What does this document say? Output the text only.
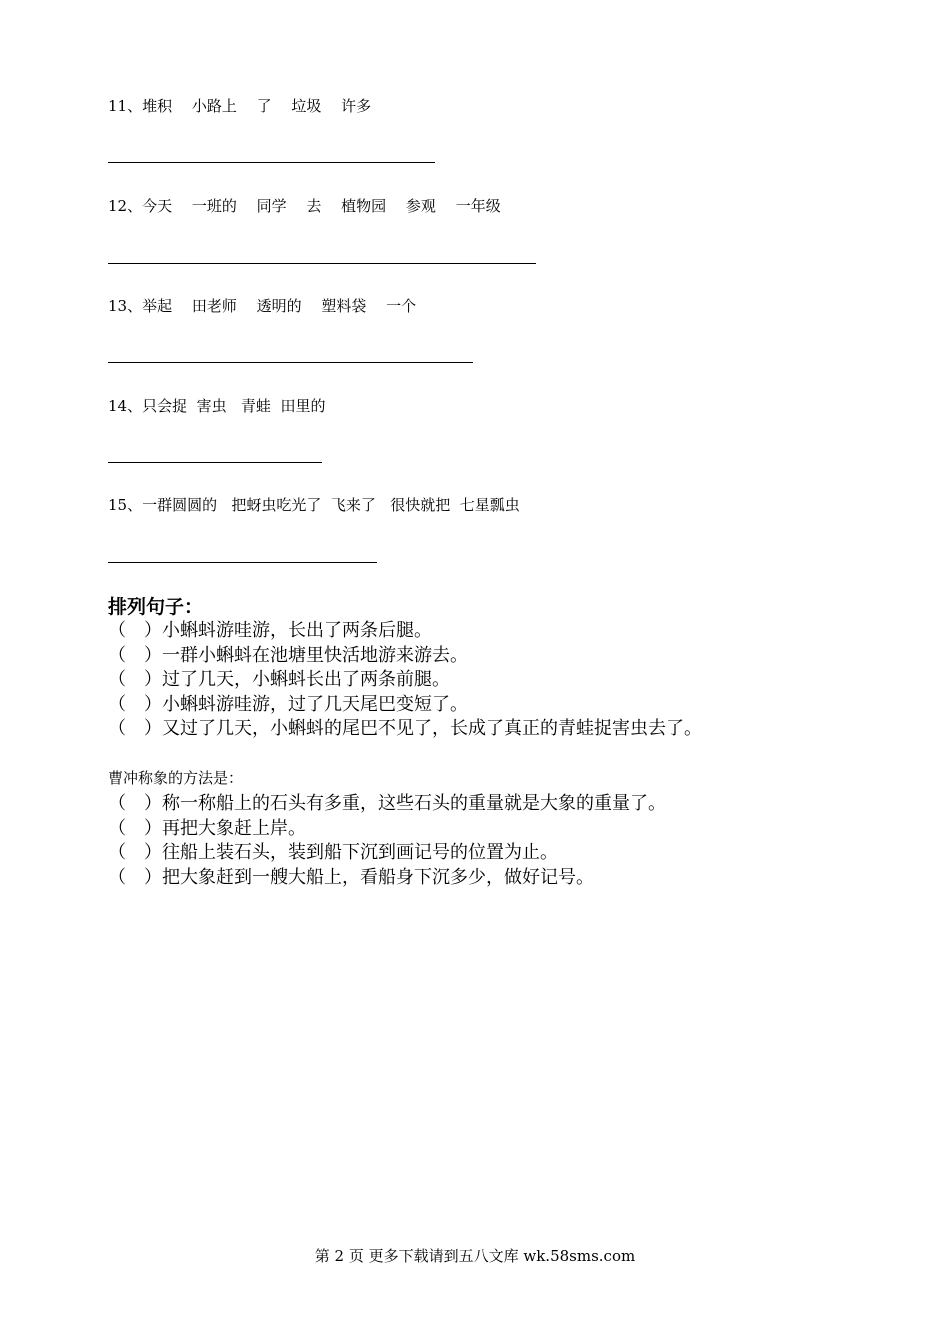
11、堆积　 小路上　 了　 垃圾　 许多
12、今天　 一班的　 同学　 去　 植物园　 参观　 一年级
13、举起　 田老师　 透明的　 塑料袋　 一个
14、只会捉  害虫   青蛙  田里的
15、一群圆圆的   把蚜虫吃光了  飞来了   很快就把  七星瓢虫
排列句子：
（　）小蝌蚪游哇游，长出了两条后腿。
（　）一群小蝌蚪在池塘里快活地游来游去。
（　）过了几天，小蝌蚪长出了两条前腿。
（　）小蝌蚪游哇游，过了几天尾巴变短了。
（　）又过了几天，小蝌蚪的尾巴不见了，长成了真正的青蛙捉害虫去了。
曹冲称象的方法是：
（　）称一称船上的石头有多重，这些石头的重量就是大象的重量了。
（　）再把大象赶上岸。
（　）往船上装石头，装到船下沉到画记号的位置为止。
（　）把大象赶到一艘大船上，看船身下沉多少，做好记号。
第 2 页 更多下载请到五八文库 wk.58sms.com
